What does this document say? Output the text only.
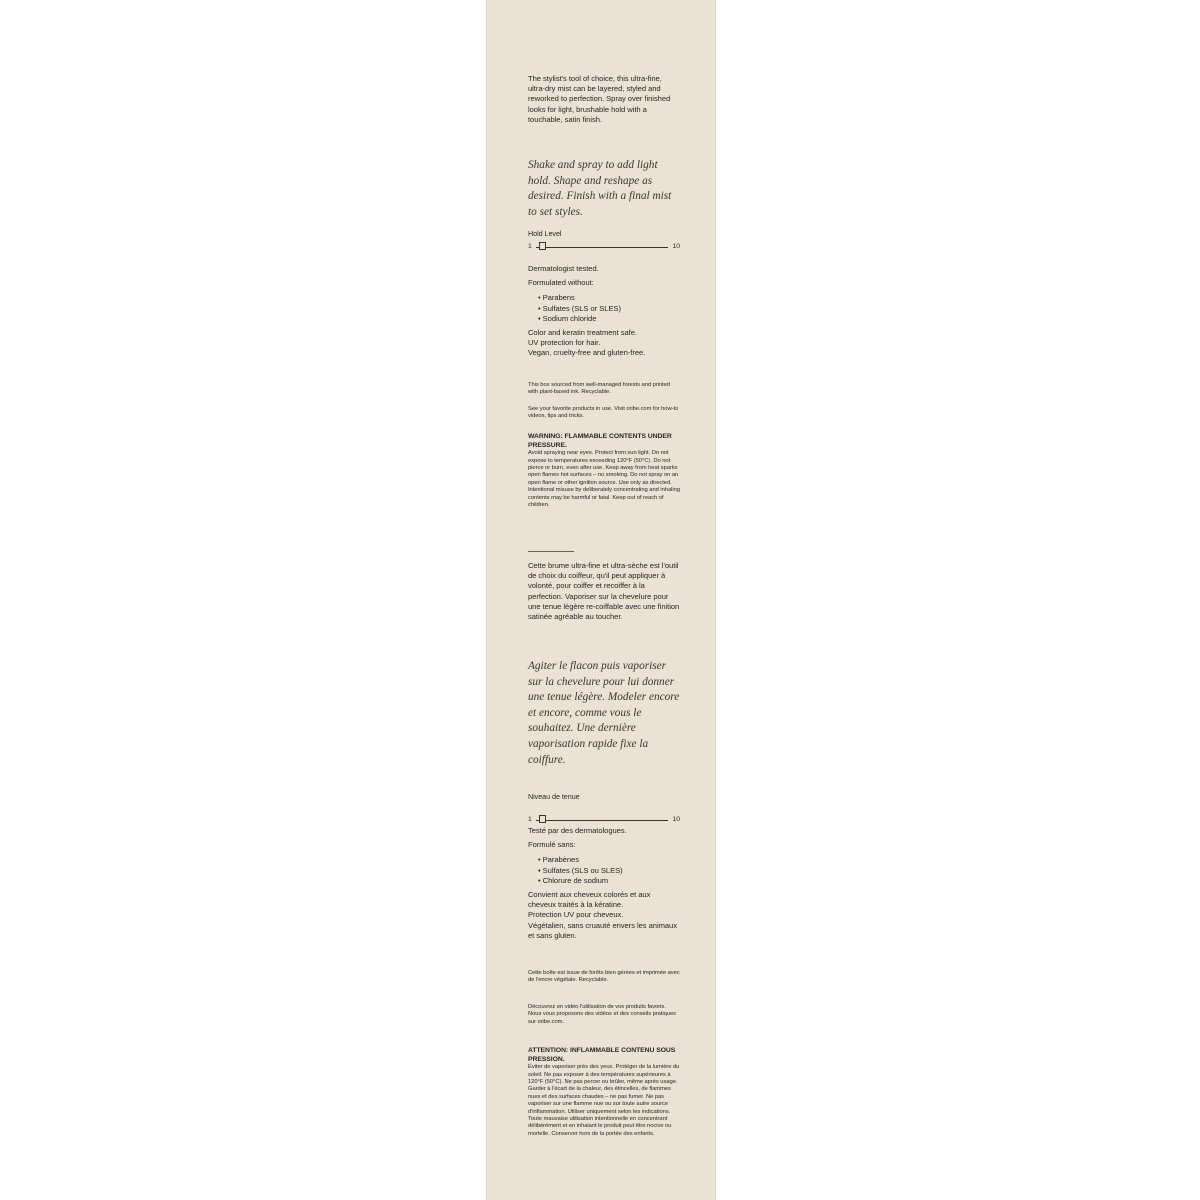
The stylist's tool of choice, this ultra-fine, ultra-dry mist can be layered, styled and reworked to perfection. Spray over finished looks for light, brushable hold with a touchable, satin finish.

Shake and spray to add light hold. Shape and reshape as desired. Finish with a final mist to set styles.
Hold Level
1	10

Dermatologist tested.

Formulated without:

• Parabens
• Sulfates (SLS or SLES)
• Sodium chloride

Color and keratin treatment safe.

UV protection for hair.

Vegan, cruelty-free and gluten-free.

This box sourced from well-managed forests and printed with plant-based ink. Recyclable.
See your favorite products in use. Visit oribe.com for how-to videos, tips and tricks.

WARNING: FLAMMABLE CONTENTS UNDER PRESSURE.

Avoid spraying near eyes. Protect from sun light. Do not expose to temperatures exceeding 120°F (50°C). Do not pierce or burn, even after use. Keep away from heat sparks open flames hot surfaces – no smoking. Do not spray on an open flame or other ignition source. Use only as directed. Intentional misuse by deliberately concentrating and inhaling contents may be harmful or fatal. Keep out of reach of children.

Cette brume ultra-fine et ultra-sèche est l'outil de choix du coiffeur, qu'il peut appliquer à volonté, pour coiffer et recoiffer à la perfection. Vaporiser sur la chevelure pour une tenue légère re-coiffable avec une finition satinée agréable au toucher.

Agiter le flacon puis vaporiser sur la chevelure pour lui donner une tenue légère. Modeler encore et encore, comme vous le souhaitez. Une dernière vaporisation rapide fixe la coiffure.
Niveau de tenue
1	10

Testé par des dermatologues.

Formulé sans:

• Parabènes
• Sulfates (SLS ou SLES)
• Chlorure de sodium

Convient aux cheveux colorés et aux cheveux traités à la kératine.

Protection UV pour cheveux.

Végétalien, sans cruauté envers les animaux et sans gluten.

Cette boîte est issue de forêts bien gérées et imprimée avec de l'encre végétale. Recyclable.
Découvrez en vidéo l'utilisation de vos produits favoris. Nous vous proposons des vidéos et des conseils pratiques sur oribe.com.

ATTENTION: INFLAMMABLE CONTENU SOUS PRESSION.

Éviter de vaporiser près des yeux. Protéger de la lumière du soleil. Ne pas exposer à des températures supérieures à 120°F (50°C). Ne pas percer ou brûler, même après usage. Garder à l'écart de la chaleur, des étincelles, de flammes nues et des surfaces chaudes – ne pas fumer. Ne pas vaporiser sur une flamme nue ou sur toute autre source d'inflammation. Utiliser uniquement selon les indications. Toute mauvaise utilisation intentionnelle en concentrant délibérément et en inhalant le produit peut être nocive ou mortelle. Conserver hors de la portée des enfants.
